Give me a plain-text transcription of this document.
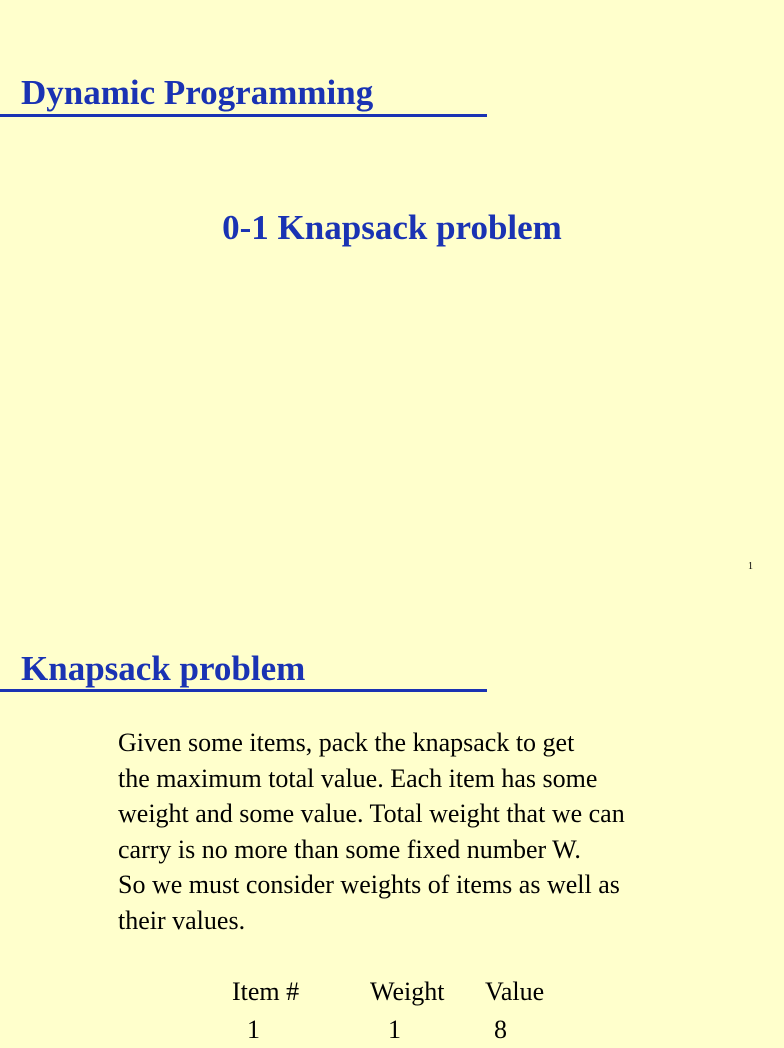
Dynamic Programming
0-1 Knapsack problem
1
Knapsack problem

Given some items, pack the knapsack to get
the maximum total value. Each item has some
weight and some value. Total weight that we can
carry is no more than some fixed number W.
So we must consider weights of items as well as
their values.

Item #	Weight Value
1	1	8
